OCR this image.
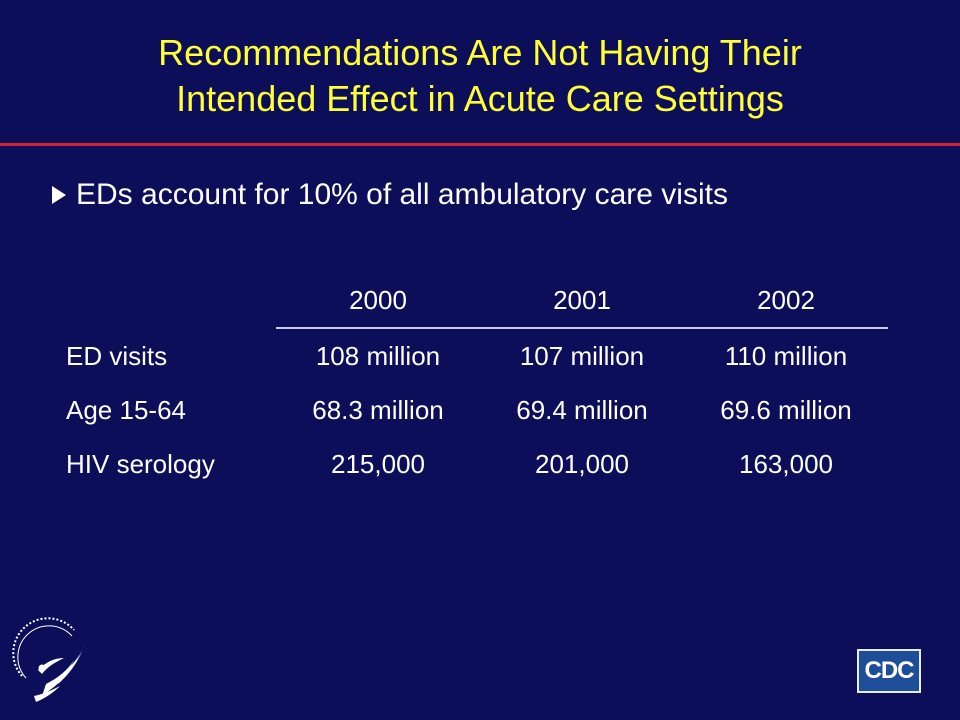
Recommendations Are Not Having Their
Intended Effect in Acute Care Settings
EDs account for 10% of all ambulatory care visits
	2000	2001	2002
ED visits	108 million	107 million	110 million
Age 15-64	68.3 million	69.4 million	69.6 million
HIV serology	215,000	201,000	163,000
CDC
